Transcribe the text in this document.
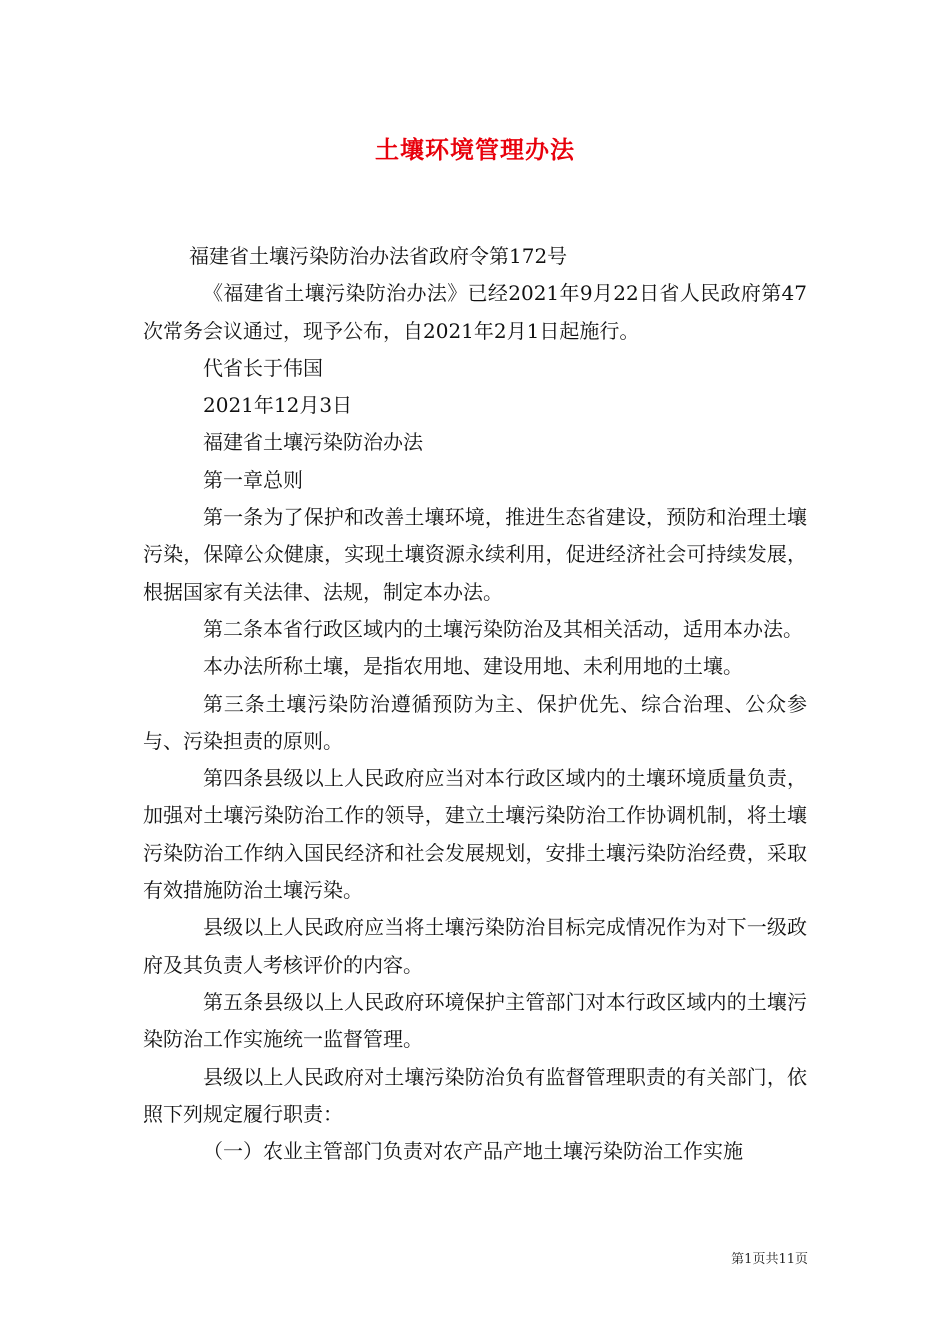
土壤环境管理办法

福建省土壤污染防治办法省政府令第172号

《福建省土壤污染防治办法》已经2021年9月22日省人民政府第47次常务会议通过，现予公布，自2021年2月1日起施行。

代省长于伟国

2021年12月3日

福建省土壤污染防治办法

第一章总则

第一条为了保护和改善土壤环境，推进生态省建设，预防和治理土壤污染，保障公众健康，实现土壤资源永续利用，促进经济社会可持续发展，根据国家有关法律、法规，制定本办法。

第二条本省行政区域内的土壤污染防治及其相关活动，适用本办法。

本办法所称土壤，是指农用地、建设用地、未利用地的土壤。

第三条土壤污染防治遵循预防为主、保护优先、综合治理、公众参与、污染担责的原则。

第四条县级以上人民政府应当对本行政区域内的土壤环境质量负责，加强对土壤污染防治工作的领导，建立土壤污染防治工作协调机制，将土壤污染防治工作纳入国民经济和社会发展规划，安排土壤污染防治经费，采取有效措施防治土壤污染。

县级以上人民政府应当将土壤污染防治目标完成情况作为对下一级政府及其负责人考核评价的内容。

第五条县级以上人民政府环境保护主管部门对本行政区域内的土壤污染防治工作实施统一监督管理。

县级以上人民政府对土壤污染防治负有监督管理职责的有关部门，依照下列规定履行职责：

（一）农业主管部门负责对农产品产地土壤污染防治工作实施

第1页共11页
